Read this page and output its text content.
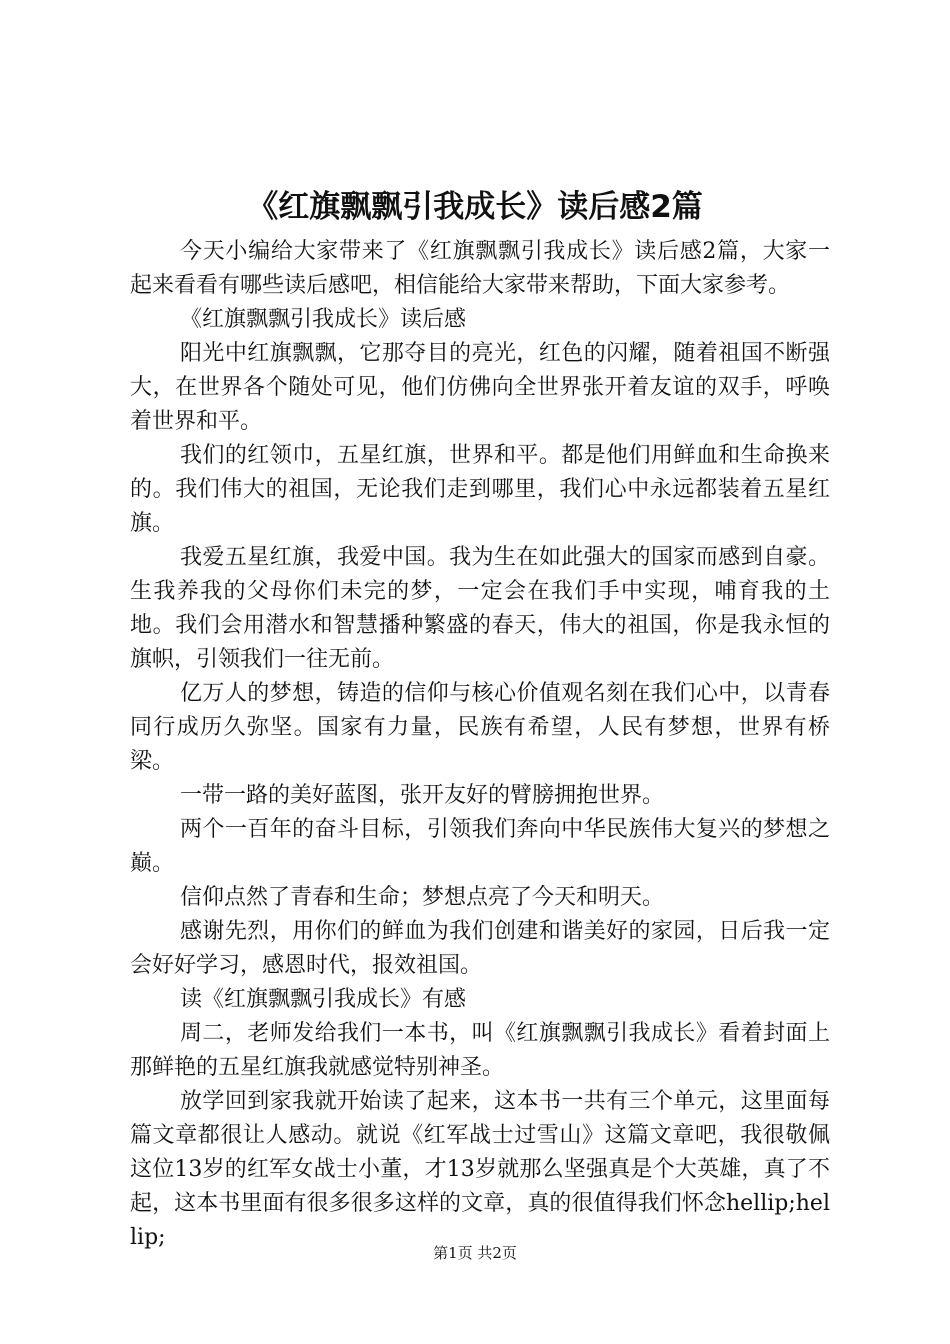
《红旗飘飘引我成长》读后感2篇

今天小编给大家带来了《红旗飘飘引我成长》读后感2篇，大家一起来看看有哪些读后感吧，相信能给大家带来帮助，下面大家参考。

《红旗飘飘引我成长》读后感

阳光中红旗飘飘，它那夺目的亮光，红色的闪耀，随着祖国不断强大，在世界各个随处可见，他们仿佛向全世界张开着友谊的双手，呼唤着世界和平。

我们的红领巾，五星红旗，世界和平。都是他们用鲜血和生命换来的。我们伟大的祖国，无论我们走到哪里，我们心中永远都装着五星红旗。

我爱五星红旗，我爱中国。我为生在如此强大的国家而感到自豪。生我养我的父母你们未完的梦，一定会在我们手中实现，哺育我的土地。我们会用潜水和智慧播种繁盛的春天，伟大的祖国，你是我永恒的旗帜，引领我们一往无前。

亿万人的梦想，铸造的信仰与核心价值观名刻在我们心中，以青春同行成历久弥坚。国家有力量，民族有希望，人民有梦想，世界有桥梁。

一带一路的美好蓝图，张开友好的臂膀拥抱世界。

两个一百年的奋斗目标，引领我们奔向中华民族伟大复兴的梦想之巅。

信仰点然了青春和生命；梦想点亮了今天和明天。

感谢先烈，用你们的鲜血为我们创建和谐美好的家园，日后我一定会好好学习，感恩时代，报效祖国。

读《红旗飘飘引我成长》有感

周二，老师发给我们一本书，叫《红旗飘飘引我成长》看着封面上那鲜艳的五星红旗我就感觉特别神圣。

放学回到家我就开始读了起来，这本书一共有三个单元，这里面每篇文章都很让人感动。就说《红军战士过雪山》这篇文章吧，我很敬佩这位13岁的红军女战士小董，才13岁就那么坚强真是个大英雄，真了不起，这本书里面有很多很多这样的文章，真的很值得我们怀念hellip;hellip;

第1页 共2页
